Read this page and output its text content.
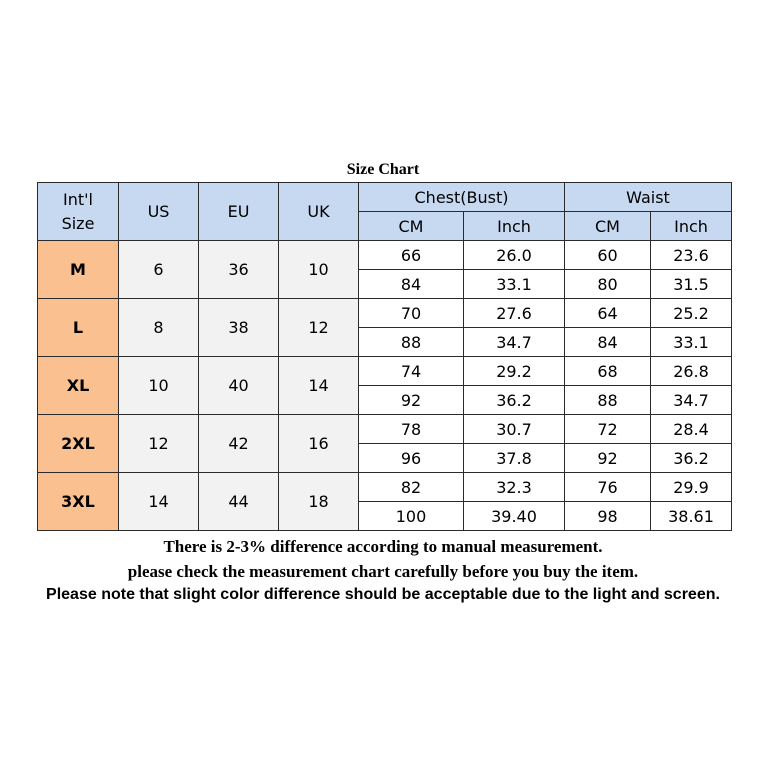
Size Chart
Int'l
Size	US	EU	UK	Chest(Bust)		Waist	
				CM	Inch	CM	Inch
M	6	36	10	66	26.0	60	23.6
				84	33.1	80	31.5
L	8	38	12	70	27.6	64	25.2
				88	34.7	84	33.1
XL	10	40	14	74	29.2	68	26.8
				92	36.2	88	34.7
2XL	12	42	16	78	30.7	72	28.4
				96	37.8	92	36.2
3XL	14	44	18	82	32.3	76	29.9
				100	39.40	98	38.61
There is 2-3% difference according to manual measurement.
please check the measurement chart carefully before you buy the item.
Please note that slight color difference should be acceptable due to the light and screen.
